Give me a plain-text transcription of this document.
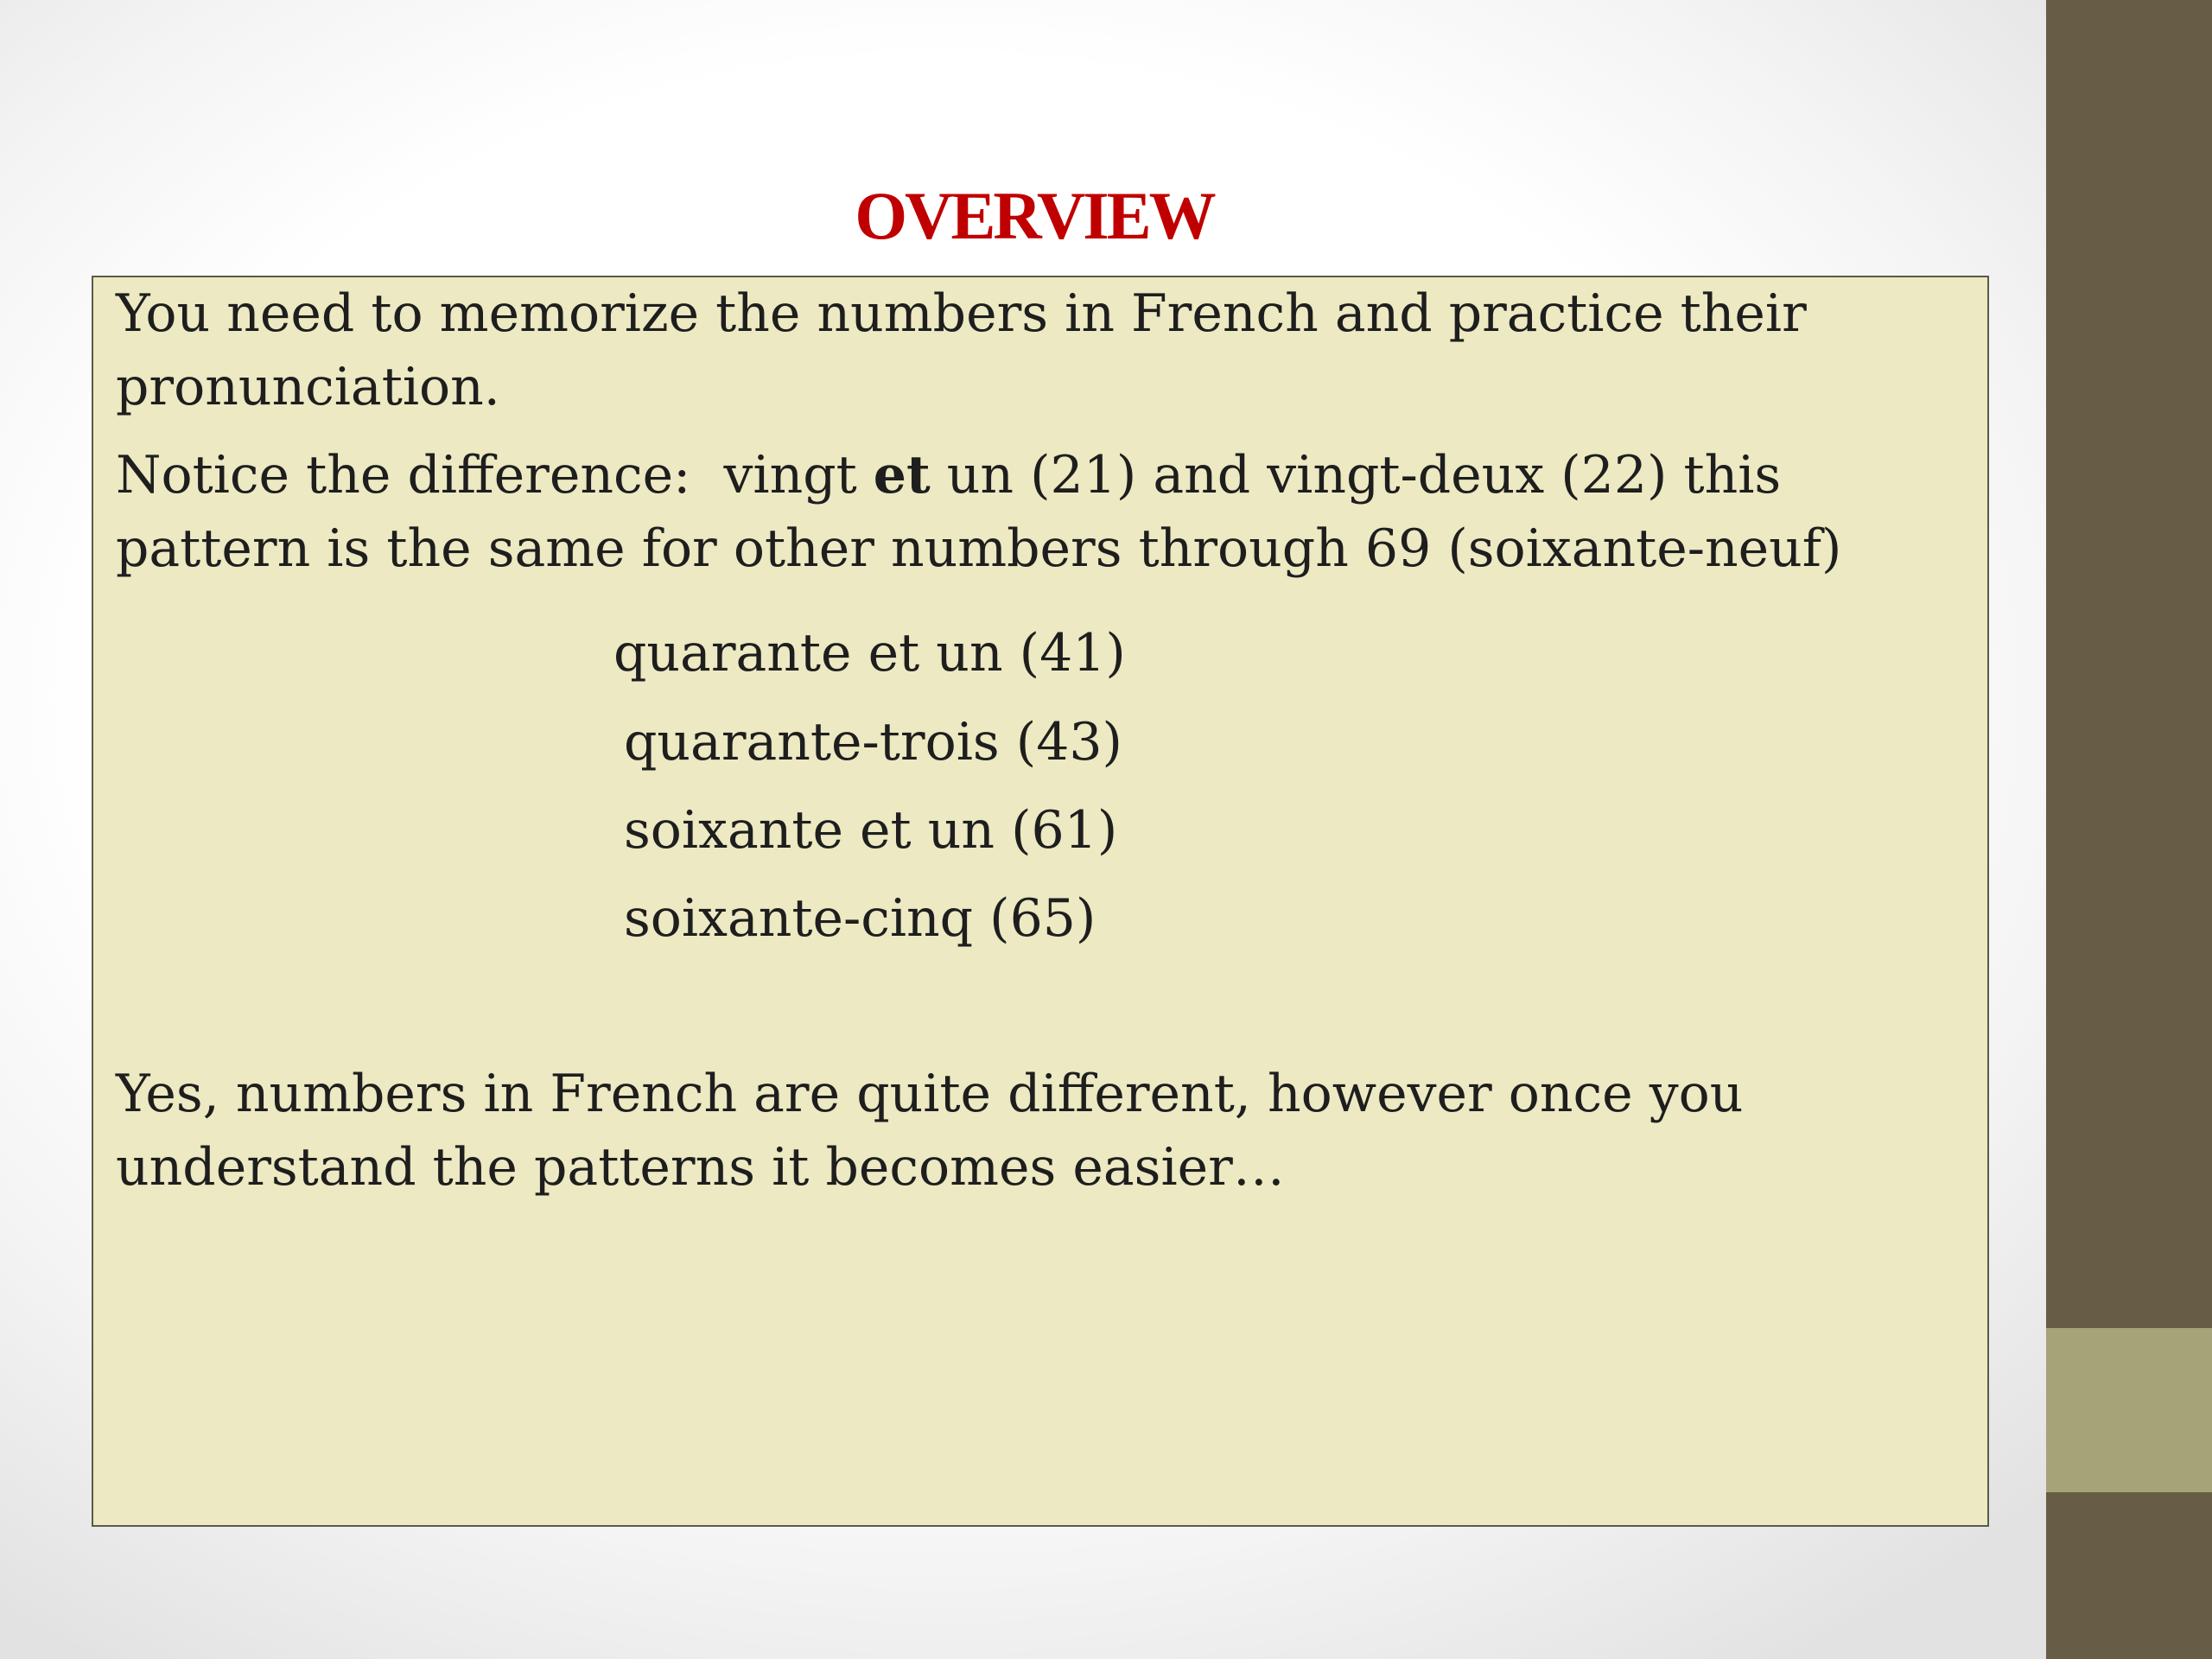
OVERVIEW

You need to memorize the numbers in French and practice their
pronunciation.

Notice the difference:  vingt et un (21) and vingt-deux (22) this
pattern is the same for other numbers through 69 (soixante-neuf)

quarante et un (41)

quarante-trois (43)

soixante et un (61)

soixante-cinq (65)

Yes, numbers in French are quite different, however once you
understand the patterns it becomes easier…
